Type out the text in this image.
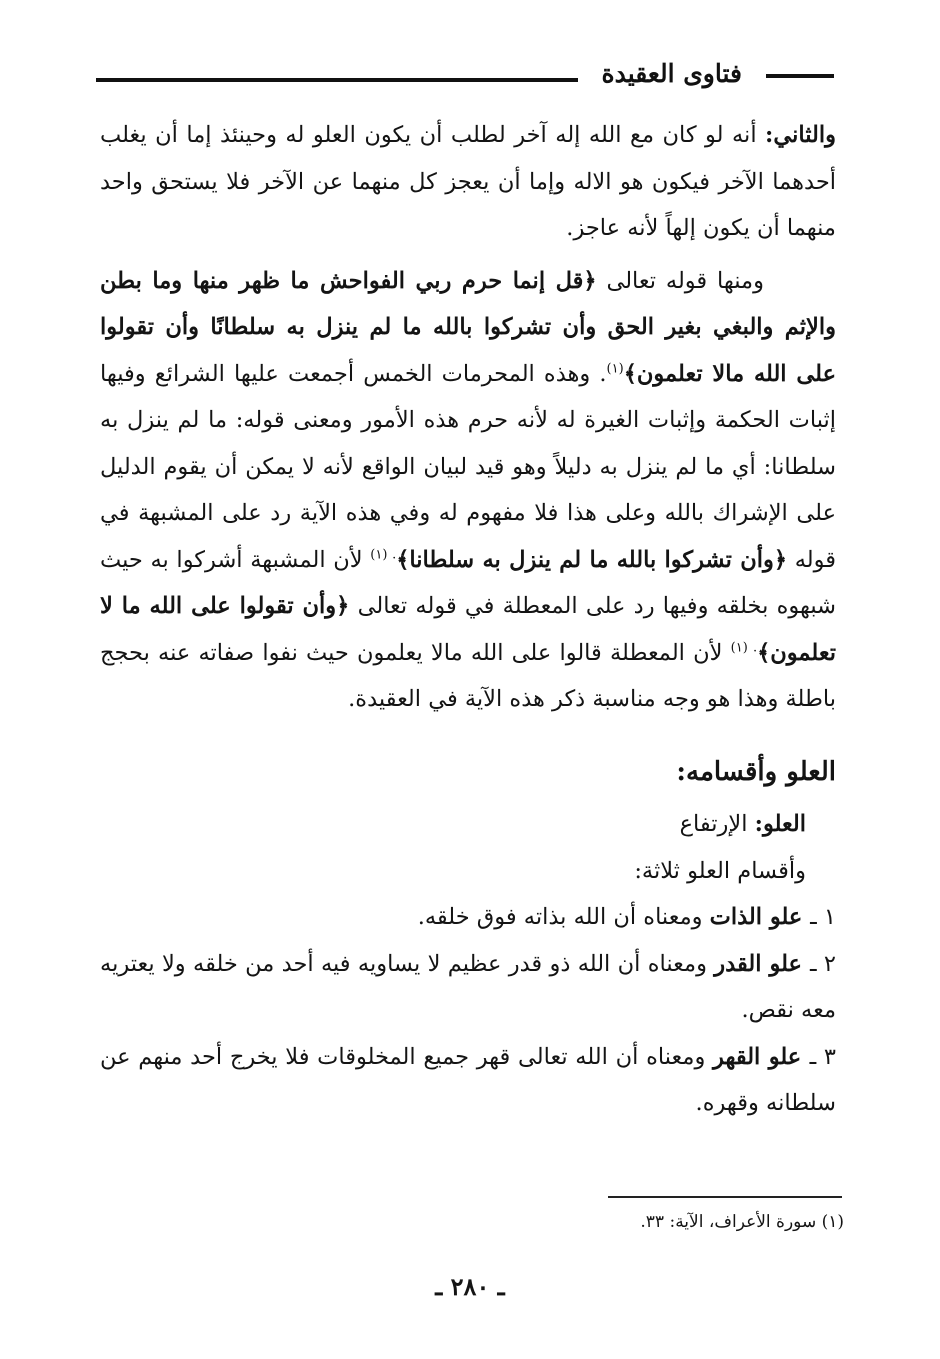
فتاوى العقيدة

والثاني: أنه لو كان مع الله إله آخر لطلب أن يكون العلو له وحينئذ إما أن يغلب أحدهما الآخر فيكون هو الاله وإما أن يعجز كل منهما عن الآخر فلا يستحق واحد منهما أن يكون إلهاً لأنه عاجز.

ومنها قوله تعالى ﴿قل إنما حرم ربي الفواحش ما ظهر منها وما بطن والإثم والبغي بغير الحق وأن تشركوا بالله ما لم ينزل به سلطانًا وأن تقولوا على الله مالا تعلمون﴾$^{(١)}$. وهذه المحرمات الخمس أجمعت عليها الشرائع وفيها إثبات الحكمة وإثبات الغيرة له لأنه حرم هذه الأمور ومعنى قوله: ما لم ينزل به سلطانا: أي ما لم ينزل به دليلاً وهو قيد لبيان الواقع لأنه لا يمكن أن يقوم الدليل على الإشراك بالله وعلى هذا فلا مفهوم له وفي هذه الآية رد على المشبهة في قوله ﴿وأن تشركوا بالله ما لم ينزل به سلطانا﴾$^{. (١)}$ لأن المشبهة أشركوا به حيث شبهوه بخلقه وفيها رد على المعطلة في قوله تعالى ﴿وأن تقولوا على الله ما لا تعلمون﴾$^{. (١)}$ لأن المعطلة قالوا على الله مالا يعلمون حيث نفوا صفاته عنه بحجج باطلة وهذا هو وجه مناسبة ذكر هذه الآية في العقيدة.

العلو وأقسامه:

العلو: الإرتفاع

وأقسام العلو ثلاثة:

١ ـ علو الذات ومعناه أن الله بذاته فوق خلقه.

٢ ـ علو القدر ومعناه أن الله ذو قدر عظيم لا يساويه فيه أحد من خلقه ولا يعتريه معه نقص.

٣ ـ علو القهر ومعناه أن الله تعالى قهر جميع المخلوقات فلا يخرج أحد منهم عن سلطانه وقهره.

(١) سورة الأعراف، الآية: ٣٣.
ـ ٢٨٠ ـ
